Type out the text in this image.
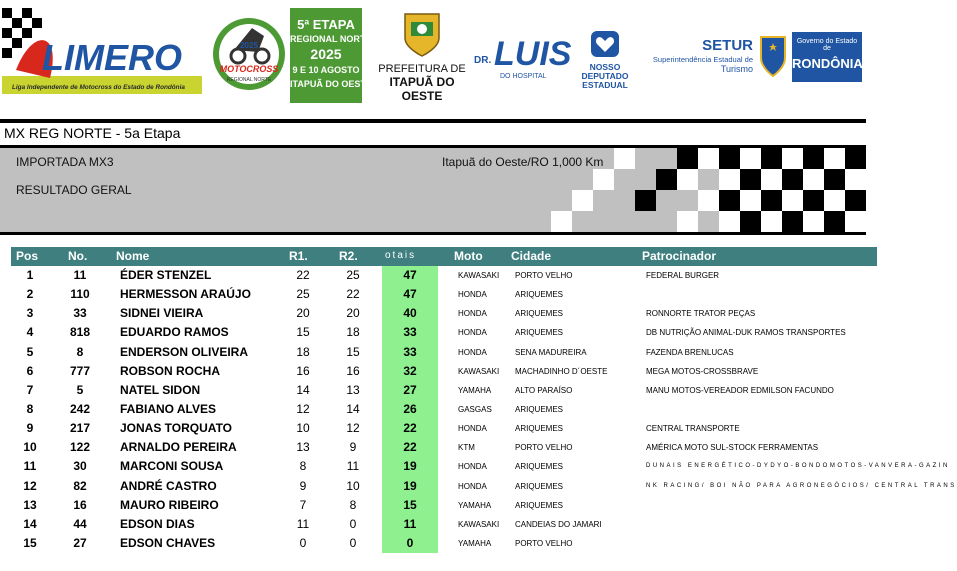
LIMERO
Liga Independente de Motocross do Estado de Rondônia
2025
MOTOCROSS
REGIONAL NORTE
5ª ETAPA
REGIONAL NORTE
2025
9 E 10 AGOSTO
ITAPUÃ DO OESTE
PREFEITURA DE
ITAPUÃ DO OESTE
DR. LUIS
DO HOSPITAL
NOSSO
DEPUTADO
ESTADUAL
SETUR
Superintendência Estadual de
Turismo
Governo do Estado de
RONDÔNIA
MX REG NORTE - 5a Etapa
IMPORTADA MX3	Itapuã do Oeste/RO 1,000 Km
RESULTADO GERAL
Pos No. Nome	R1.	R2.	otais	Moto Cidade	Patrocinador
1	11	ÉDER STENZEL	22	25	47	KAWASAKI PORTO VELHO	FEDERAL BURGER
2	110	HERMESSON ARAÚJO	25	22	47	HONDA	ARIQUEMES
3	33	SIDNEI VIEIRA	20	20	40	HONDA	ARIQUEMES	RONNORTE TRATOR PEÇAS
4	818	EDUARDO RAMOS	15	18	33	HONDA	ARIQUEMES	DB NUTRIÇÃO ANIMAL-DUK RAMOS TRANSPORTES
5	8	ENDERSON OLIVEIRA	18	15	33	HONDA	SENA MADUREIRA	FAZENDA BRENLUCAS
6	777	ROBSON ROCHA	16	16	32	KAWASAKI MACHADINHO D´OESTE	MEGA MOTOS-CROSSBRAVE
7	5	NATEL SIDON	14	13	27	YAMAHA	ALTO PARAÍSO	MANU MOTOS-VEREADOR EDMILSON FACUNDO
8	242	FABIANO ALVES	12	14	26	GASGAS	ARIQUEMES
9	217	JONAS TORQUATO	10	12	22	HONDA	ARIQUEMES	CENTRAL TRANSPORTE
10	122	ARNALDO PEREIRA	13	9	22	KTM	PORTO VELHO	AMÉRICA MOTO SUL-STOCK FERRAMENTAS
11	30	MARCONI SOUSA	8	11	19	HONDA	ARIQUEMES	DUNAIS ENERGÉTICO-DYDYO-BONDOMOTOS-VANVERA-GAZIN
12	82	ANDRÉ CASTRO	9	10	19	HONDA	ARIQUEMES	NK RACING/ BOI NÃO PARA AGRONEGÓCIOS/ CENTRAL TRANS
13	16	MAURO RIBEIRO	7	8	15	YAMAHA	ARIQUEMES
14	44	EDSON DIAS	11	0	11	KAWASAKI CANDEIAS DO JAMARI
15	27	EDSON CHAVES	0	0	0	YAMAHA	PORTO VELHO
